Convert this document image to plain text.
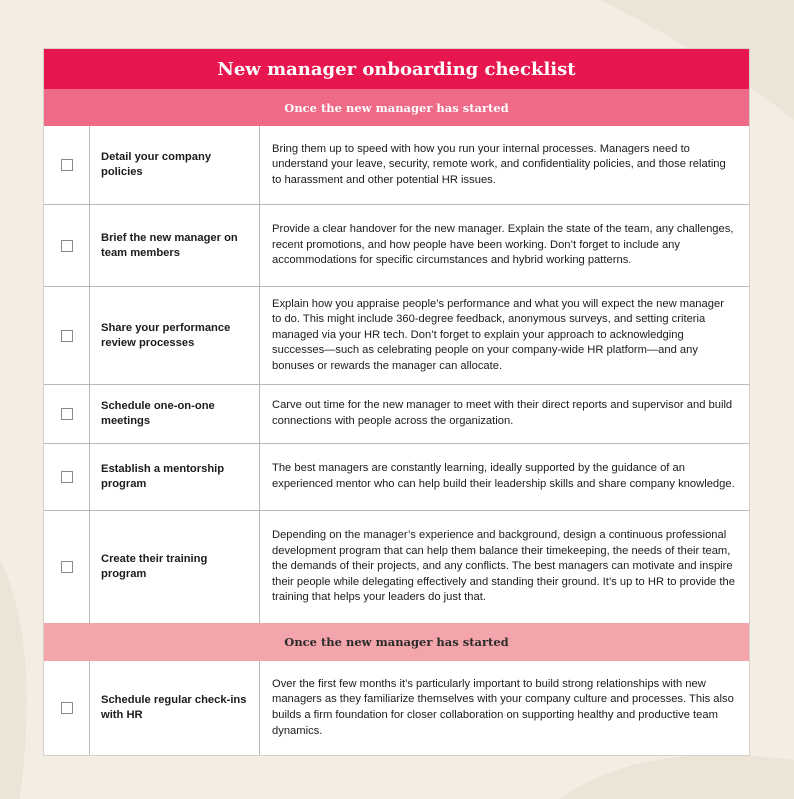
New manager onboarding checklist
Once the new manager has started
Detail your company policies
Bring them up to speed with how you run your internal processes. Managers need to understand your leave, security, remote work, and confidentiality policies, and those relating to harassment and other potential HR issues.
Brief the new manager on team members
Provide a clear handover for the new manager. Explain the state of the team, any challenges, recent promotions, and how people have been working. Don’t forget to include any accommodations for specific circumstances and hybrid working patterns.
Share your performance review processes
Explain how you appraise people’s performance and what you will expect the new manager to do. This might include 360-degree feedback, anonymous surveys, and setting criteria managed via your HR tech. Don’t forget to explain your approach to acknowledging successes—such as celebrating people on your company-wide HR platform—and any bonuses or rewards the manager can allocate.
Schedule one-on-one meetings
Carve out time for the new manager to meet with their direct reports and supervisor and build connections with people across the organization.
Establish a mentorship program
The best managers are constantly learning, ideally supported by the guidance of an experienced mentor who can help build their leadership skills and share company knowledge.
Create their training program
Depending on the manager’s experience and background, design a continuous professional development program that can help them balance their timekeeping, the needs of their team, the demands of their projects, and any conflicts. The best managers can motivate and inspire their people while delegating effectively and standing their ground. It’s up to HR to provide the training that helps your leaders do just that.
Once the new manager has started
Schedule regular check-ins with HR
Over the first few months it’s particularly important to build strong relationships with new managers as they familiarize themselves with your company culture and processes. This also builds a firm foundation for closer collaboration on supporting healthy and productive team dynamics.
